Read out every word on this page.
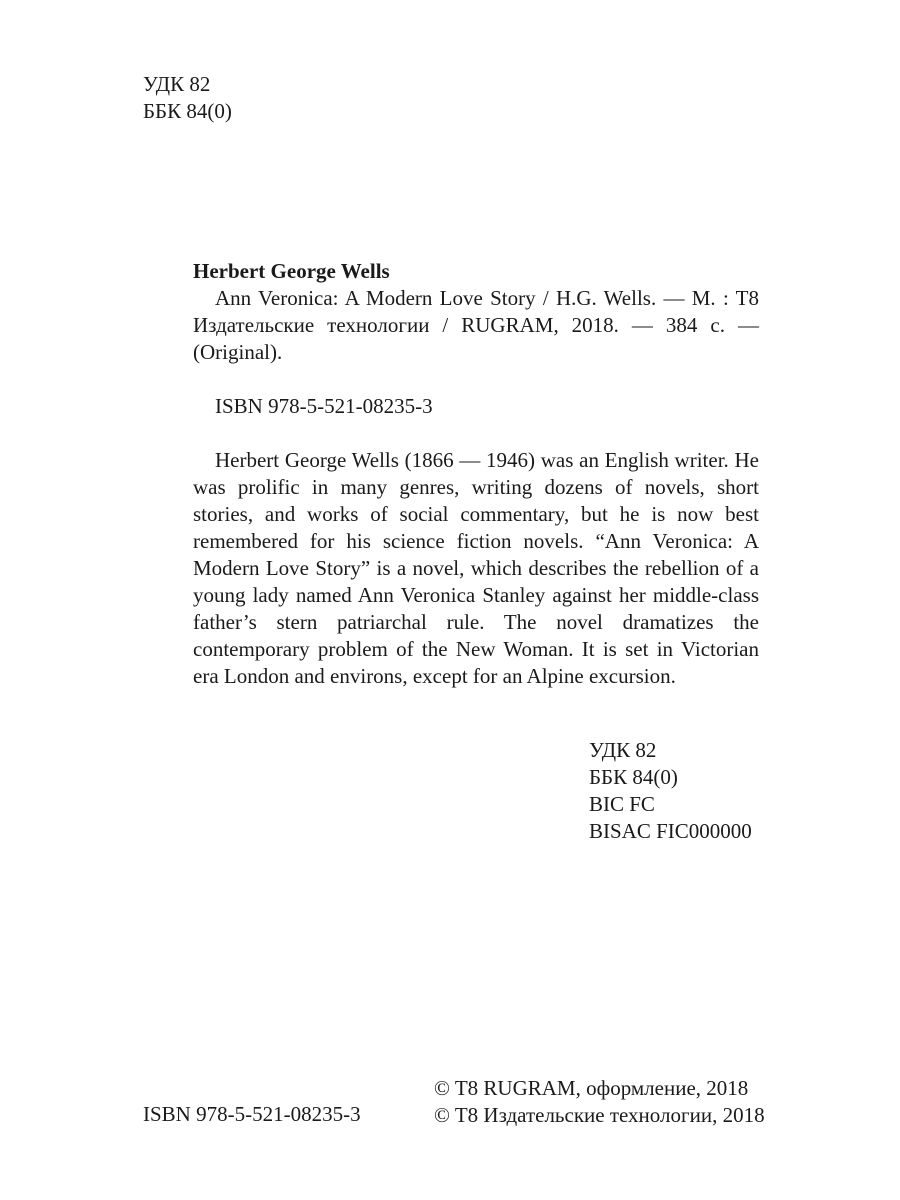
УДК 82
ББК 84(0)

Herbert George Wells

Ann Veronica: A Modern Love Story / H.G. Wells. — M. : T8 Издательские технологии / RUGRAM, 2018. — 384 c. — (Original).

ISBN 978-5-521-08235-3

Herbert George Wells (1866 — 1946) was an English writer. He was prolific in many genres, writing dozens of novels, short stories, and works of social commentary, but he is now best remembered for his science fiction novels. “Ann Veronica: A Modern Love Story” is a novel, which describes the rebellion of a young lady named Ann Veronica Stanley against her middle-class father’s stern patriarchal rule. The novel dramatizes the contemporary problem of the New Woman. It is set in Victorian era London and environs, except for an Alpine excursion.

УДК 82
ББК 84(0)
BIC FC
BISAC FIC000000
ISBN 978-5-521-08235-3
© T8 RUGRAM, оформление, 2018
© T8 Издательские технологии, 2018
